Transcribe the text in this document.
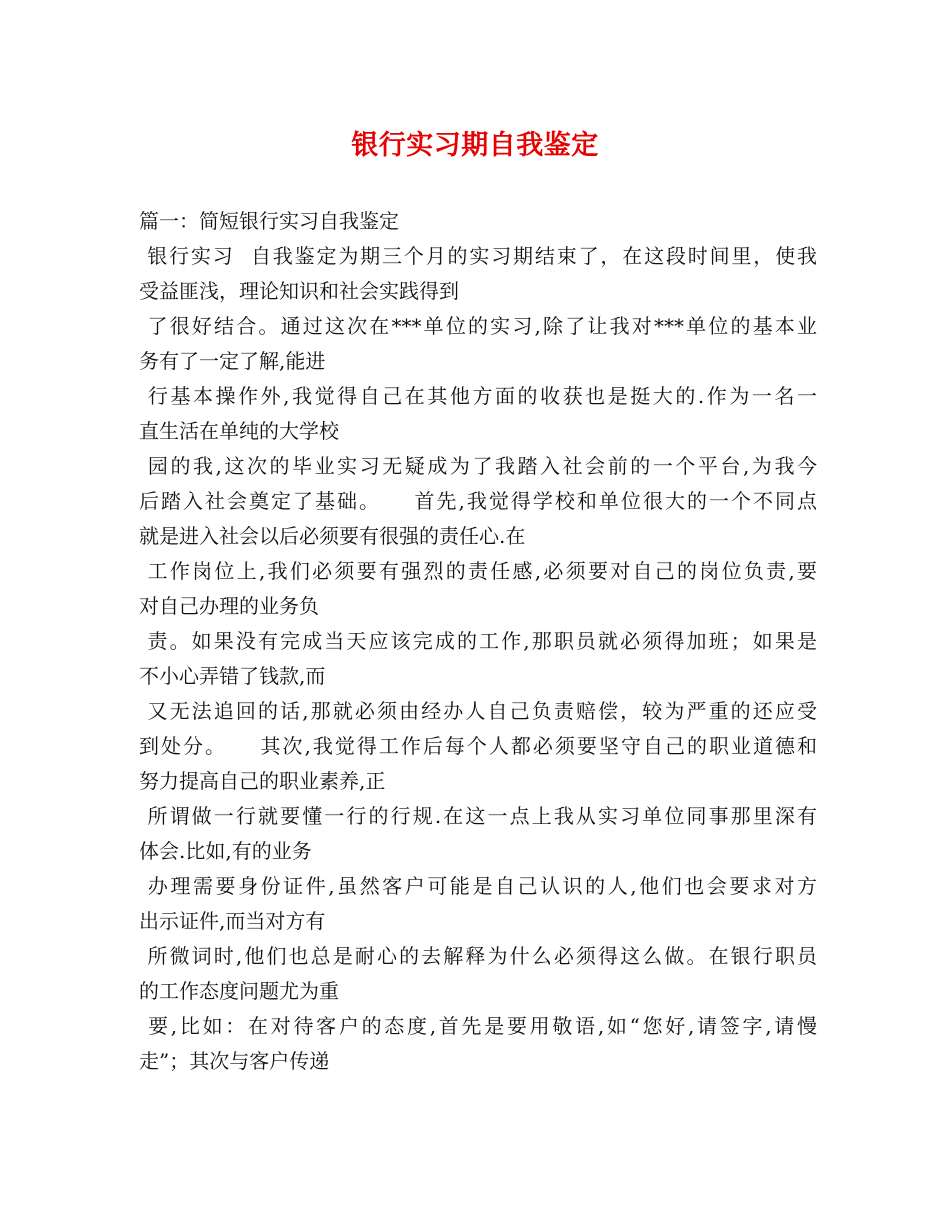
银行实习期自我鉴定
篇一：简短银行实习自我鉴定
银行实习  自我鉴定为期三个月的实习期结束了，在这段时间里，使我
受益匪浅，理论知识和社会实践得到
了很好结合。通过这次在***单位的实习,除了让我对***单位的基本业
务有了一定了解,能进
行基本操作外,我觉得自己在其他方面的收获也是挺大的.作为一名一
直生活在单纯的大学校
园的我,这次的毕业实习无疑成为了我踏入社会前的一个平台,为我今
后踏入社会奠定了基础。    首先,我觉得学校和单位很大的一个不同点
就是进入社会以后必须要有很强的责任心.在
工作岗位上,我们必须要有强烈的责任感,必须要对自己的岗位负责,要
对自己办理的业务负
责。如果没有完成当天应该完成的工作,那职员就必须得加班；如果是
不小心弄错了钱款,而
又无法追回的话,那就必须由经办人自己负责赔偿，较为严重的还应受
到处分。    其次,我觉得工作后每个人都必须要坚守自己的职业道德和
努力提高自己的职业素养,正
所谓做一行就要懂一行的行规.在这一点上我从实习单位同事那里深有
体会.比如,有的业务
办理需要身份证件,虽然客户可能是自己认识的人,他们也会要求对方
出示证件,而当对方有
所微词时,他们也总是耐心的去解释为什么必须得这么做。在银行职员
的工作态度问题尤为重
要,比如：在对待客户的态度,首先是要用敬语,如“您好,请签字,请慢
走”；其次与客户传递
